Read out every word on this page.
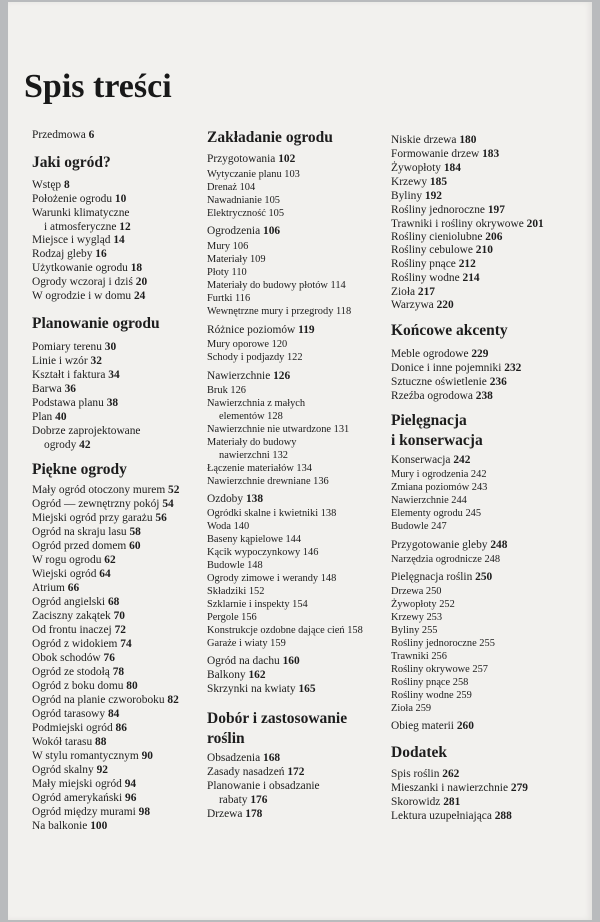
Spis treści
Przedmowa 6
Jaki ogród?
Wstęp 8
Położenie ogrodu 10
Warunki klimatyczne
i atmosferyczne 12
Miejsce i wygląd 14
Rodzaj gleby 16
Użytkowanie ogrodu 18
Ogrody wczoraj i dziś 20
W ogrodzie i w domu 24
Planowanie ogrodu
Pomiary terenu 30
Linie i wzór 32
Kształt i faktura 34
Barwa 36
Podstawa planu 38
Plan 40
Dobrze zaprojektowane
ogrody 42
Piękne ogrody
Mały ogród otoczony murem 52
Ogród — zewnętrzny pokój 54
Miejski ogród przy garażu 56
Ogród na skraju lasu 58
Ogród przed domem 60
W rogu ogrodu 62
Wiejski ogród 64
Atrium 66
Ogród angielski 68
Zaciszny zakątek 70
Od frontu inaczej 72
Ogród z widokiem 74
Obok schodów 76
Ogród ze stodołą 78
Ogród z boku domu 80
Ogród na planie czworoboku 82
Ogród tarasowy 84
Podmiejski ogród 86
Wokół tarasu 88
W stylu romantycznym 90
Ogród skalny 92
Mały miejski ogród 94
Ogród amerykański 96
Ogród między murami 98
Na balkonie 100
Zakładanie ogrodu
Przygotowania 102
Wytyczanie planu 103
Drenaż 104
Nawadnianie 105
Elektryczność 105
Ogrodzenia 106
Mury 106
Materiały 109
Płoty 110
Materiały do budowy płotów 114
Furtki 116
Wewnętrzne mury i przegrody 118
Różnice poziomów 119
Mury oporowe 120
Schody i podjazdy 122
Nawierzchnie 126
Bruk 126
Nawierzchnia z małych
elementów 128
Nawierzchnie nie utwardzone 131
Materiały do budowy
nawierzchni 132
Łączenie materiałów 134
Nawierzchnie drewniane 136
Ozdoby 138
Ogródki skalne i kwietniki 138
Woda 140
Baseny kąpielowe 144
Kącik wypoczynkowy 146
Budowle 148
Ogrody zimowe i werandy 148
Składziki 152
Szklarnie i inspekty 154
Pergole 156
Konstrukcje ozdobne dające cień 158
Garaże i wiaty 159
Ogród na dachu 160
Balkony 162
Skrzynki na kwiaty 165
Dobór i zastosowanie
roślin
Obsadzenia 168
Zasady nasadzeń 172
Planowanie i obsadzanie
rabaty 176
Drzewa 178
Niskie drzewa 180
Formowanie drzew 183
Żywopłoty 184
Krzewy 185
Byliny 192
Rośliny jednoroczne 197
Trawniki i rośliny okrywowe 201
Rośliny cieniolubne 206
Rośliny cebulowe 210
Rośliny pnące 212
Rośliny wodne 214
Zioła 217
Warzywa 220
Końcowe akcenty
Meble ogrodowe 229
Donice i inne pojemniki 232
Sztuczne oświetlenie 236
Rzeźba ogrodowa 238
Pielęgnacja
i konserwacja
Konserwacja 242
Mury i ogrodzenia 242
Zmiana poziomów 243
Nawierzchnie 244
Elementy ogrodu 245
Budowle 247
Przygotowanie gleby 248
Narzędzia ogrodnicze 248
Pielęgnacja roślin 250
Drzewa 250
Żywopłoty 252
Krzewy 253
Byliny 255
Rośliny jednoroczne 255
Trawniki 256
Rośliny okrywowe 257
Rośliny pnące 258
Rośliny wodne 259
Zioła 259
Obieg materii 260
Dodatek
Spis roślin 262
Mieszanki i nawierzchnie 279
Skorowidz 281
Lektura uzupełniająca 288
